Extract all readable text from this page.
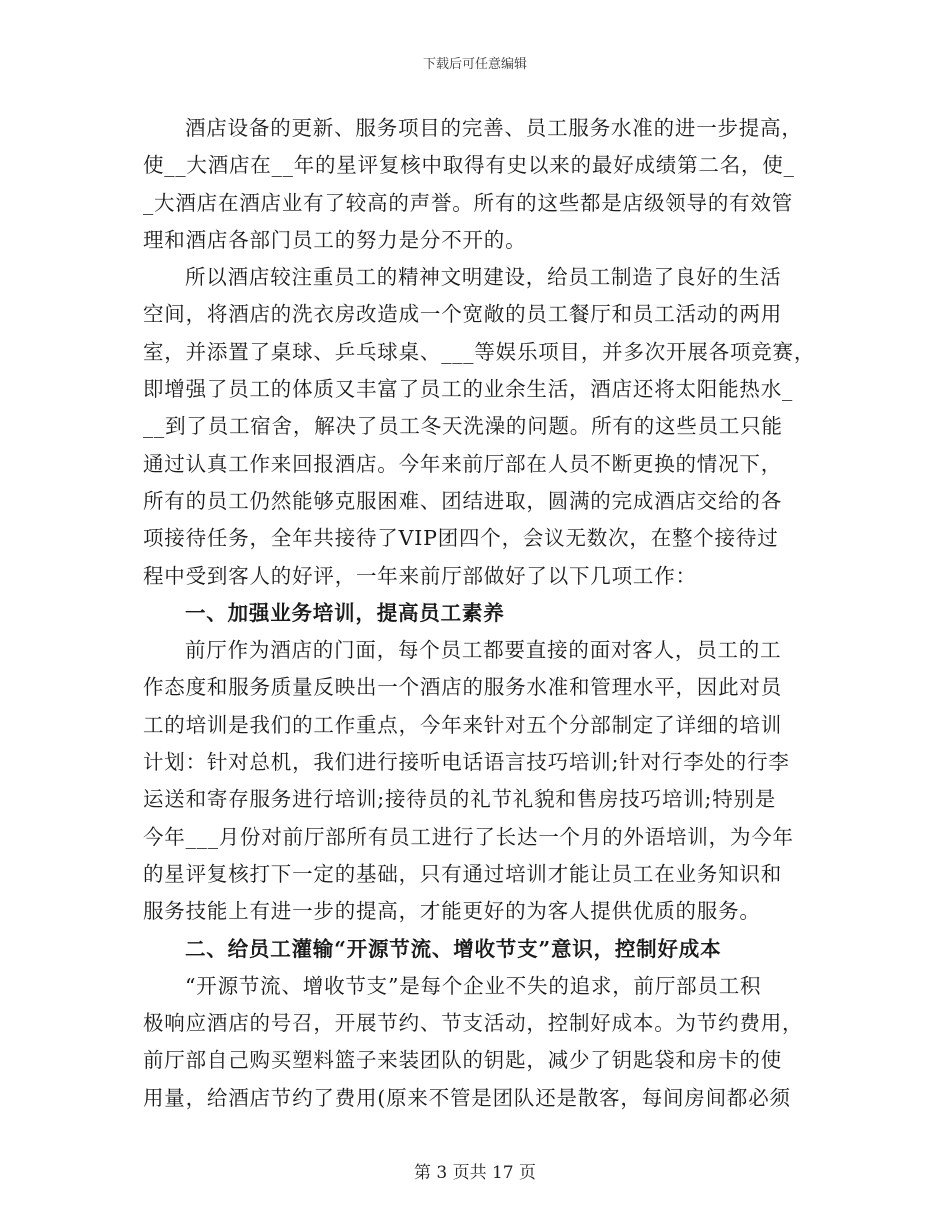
下载后可任意编辑
酒店设备的更新、服务项目的完善、员工服务水准的进一步提高，
使__大酒店在__年的星评复核中取得有史以来的最好成绩第二名，使_
_大酒店在酒店业有了较高的声誉。所有的这些都是店级领导的有效管
理和酒店各部门员工的努力是分不开的。
所以酒店较注重员工的精神文明建设，给员工制造了良好的生活
空间，将酒店的洗衣房改造成一个宽敞的员工餐厅和员工活动的两用
室，并添置了桌球、乒乓球桌、___等娱乐项目，并多次开展各项竞赛，
即增强了员工的体质又丰富了员工的业余生活，酒店还将太阳能热水_
__到了员工宿舍，解决了员工冬天洗澡的问题。所有的这些员工只能
通过认真工作来回报酒店。今年来前厅部在人员不断更换的情况下，
所有的员工仍然能够克服困难、团结进取，圆满的完成酒店交给的各
项接待任务，全年共接待了VIP团四个，会议无数次，在整个接待过
程中受到客人的好评，一年来前厅部做好了以下几项工作：
一、加强业务培训，提高员工素养
前厅作为酒店的门面，每个员工都要直接的面对客人，员工的工
作态度和服务质量反映出一个酒店的服务水准和管理水平，因此对员
工的培训是我们的工作重点，今年来针对五个分部制定了详细的培训
计划：针对总机，我们进行接听电话语言技巧培训;针对行李处的行李
运送和寄存服务进行培训;接待员的礼节礼貌和售房技巧培训;特别是
今年___月份对前厅部所有员工进行了长达一个月的外语培训，为今年
的星评复核打下一定的基础，只有通过培训才能让员工在业务知识和
服务技能上有进一步的提高，才能更好的为客人提供优质的服务。
二、给员工灌输“开源节流、增收节支”意识，控制好成本
“开源节流、增收节支”是每个企业不失的追求，前厅部员工积
极响应酒店的号召，开展节约、节支活动，控制好成本。为节约费用，
前厅部自己购买塑料篮子来装团队的钥匙，减少了钥匙袋和房卡的使
用量，给酒店节约了费用(原来不管是团队还是散客，每间房间都必须
第 3 页共 17 页
